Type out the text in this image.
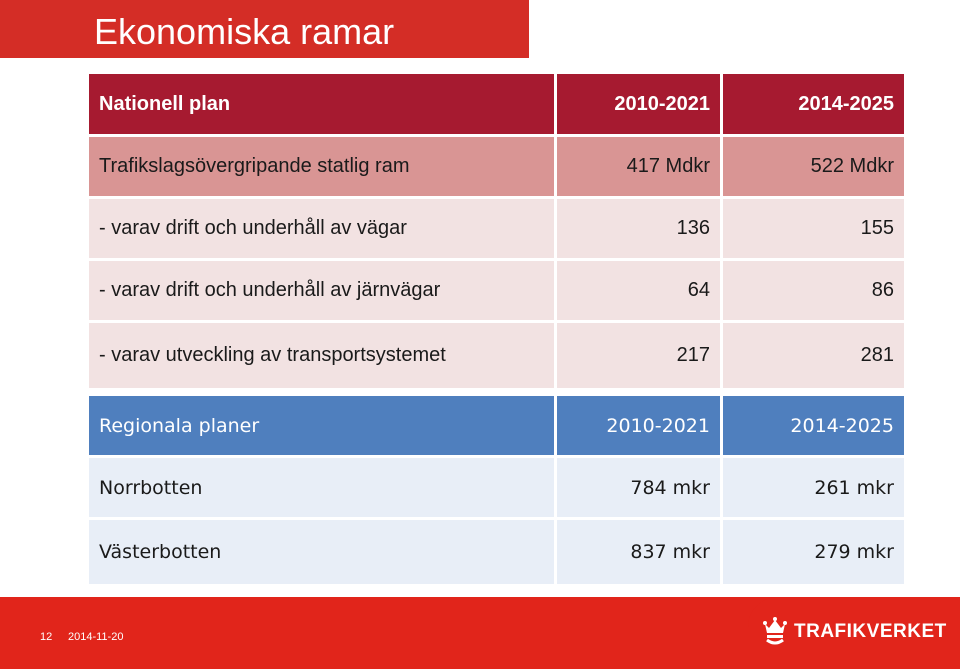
Ekonomiska ramar
Nationell plan	2010-2021	2014-2025
Trafikslagsövergripande statlig ram	417 Mdkr	522 Mdkr
- varav drift och underhåll av vägar	136	155
- varav drift och underhåll av järnvägar	64	86
- varav utveckling av transportsystemet	217	281
Regionala planer	2010-2021	2014-2025
Norrbotten	784 mkr	261 mkr
Västerbotten	837 mkr	279 mkr
12 2014-11-20	TRAFIKVERKET
